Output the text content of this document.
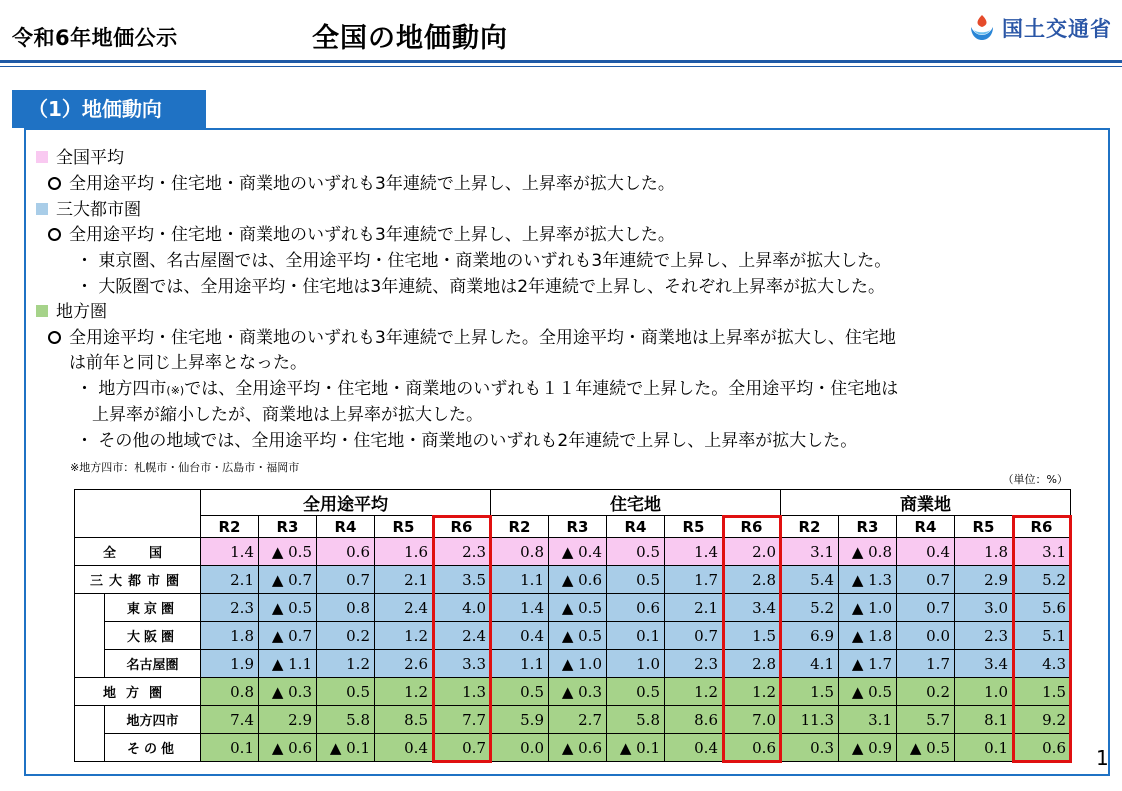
令和6年地価公示	全国の地価動向	国土交通省
（1）地価動向
全国平均
全用途平均・住宅地・商業地のいずれも3年連続で上昇し、上昇率が拡大した。
三大都市圏
全用途平均・住宅地・商業地のいずれも3年連続で上昇し、上昇率が拡大した。
・ 東京圏、名古屋圏では、全用途平均・住宅地・商業地のいずれも3年連続で上昇し、上昇率が拡大した。
・ 大阪圏では、全用途平均・住宅地は3年連続、商業地は2年連続で上昇し、それぞれ上昇率が拡大した。
地方圏
全用途平均・住宅地・商業地のいずれも3年連続で上昇した。全用途平均・商業地は上昇率が拡大し、住宅地
は前年と同じ上昇率となった。
・ 地方四市(※)では、全用途平均・住宅地・商業地のいずれも１１年連続で上昇した。全用途平均・住宅地は
上昇率が縮小したが、商業地は上昇率が拡大した。
・ その他の地域では、全用途平均・住宅地・商業地のいずれも2年連続で上昇し、上昇率が拡大した。
※地方四市：札幌市・仙台市・広島市・福岡市
（単位：%）
		全用途平均					住宅地					商業地				
		R2	R3	R4	R5	R6	R2	R3	R4	R5	R6	R2	R3	R4	R5	R6
全　国		1.4	▲ 0.5	0.6	1.6	2.3	0.8	▲ 0.4	0.5	1.4	2.0	3.1	▲ 0.8	0.4	1.8	3.1
三大都市圏		2.1	▲ 0.7	0.7	2.1	3.5	1.1	▲ 0.6	0.5	1.7	2.8	5.4	▲ 1.3	0.7	2.9	5.2
	東京圏	2.3	▲ 0.5	0.8	2.4	4.0	1.4	▲ 0.5	0.6	2.1	3.4	5.2	▲ 1.0	0.7	3.0	5.6
	大阪圏	1.8	▲ 0.7	0.2	1.2	2.4	0.4	▲ 0.5	0.1	0.7	1.5	6.9	▲ 1.8	0.0	2.3	5.1
	名古屋圏	1.9	▲ 1.1	1.2	2.6	3.3	1.1	▲ 1.0	1.0	2.3	2.8	4.1	▲ 1.7	1.7	3.4	4.3
地方圏		0.8	▲ 0.3	0.5	1.2	1.3	0.5	▲ 0.3	0.5	1.2	1.2	1.5	▲ 0.5	0.2	1.0	1.5
	地方四市	7.4	2.9	5.8	8.5	7.7	5.9	2.7	5.8	8.6	7.0	11.3	3.1	5.7	8.1	9.2
	その他	0.1	▲ 0.6	▲ 0.1	0.4	0.7	0.0	▲ 0.6	▲ 0.1	0.4	0.6	0.3	▲ 0.9	▲ 0.5	0.1	0.6 1
